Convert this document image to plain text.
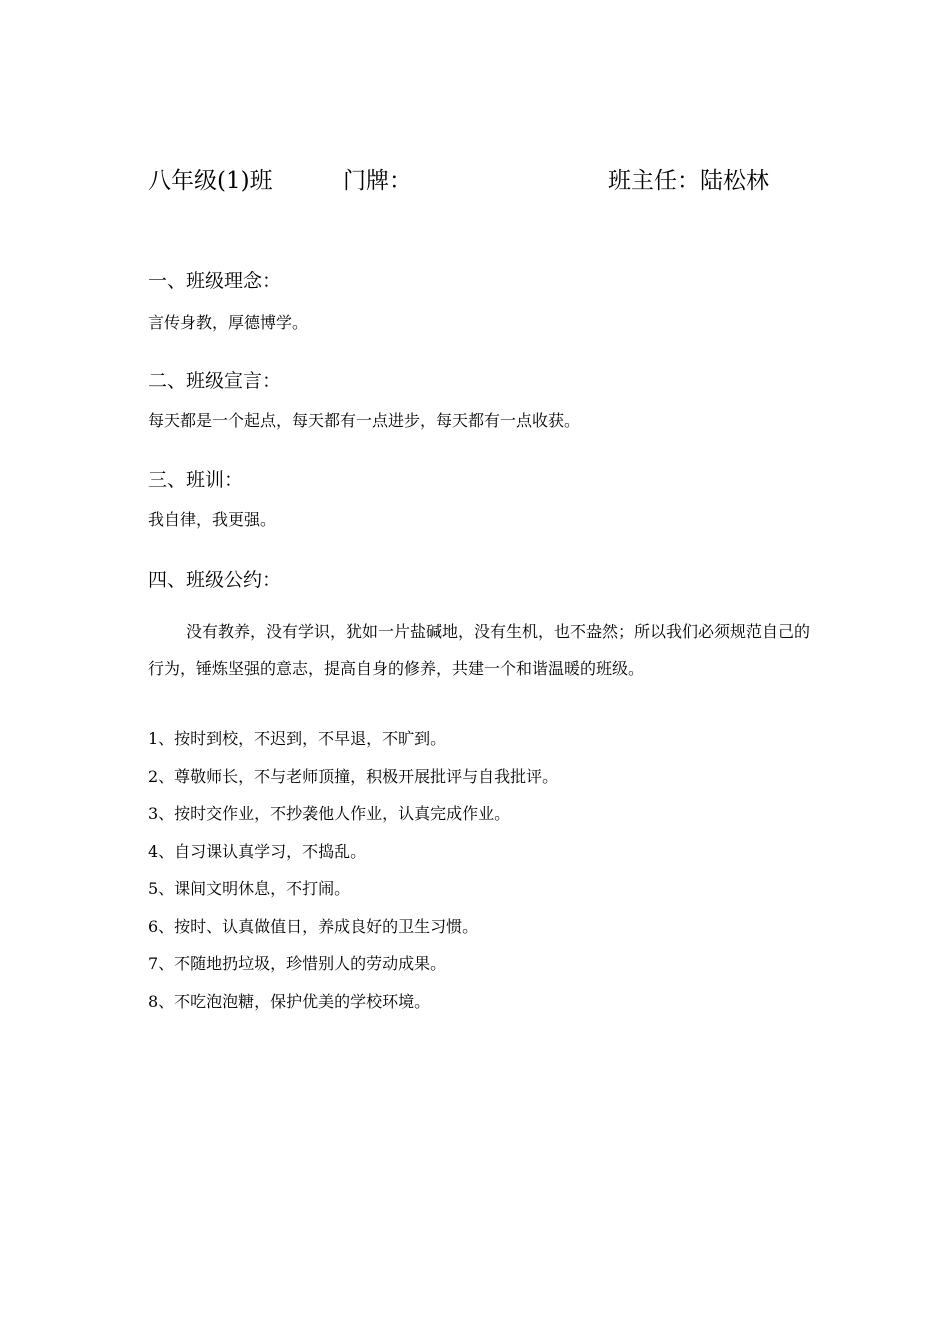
八年级(1)班	门牌：	班主任：陆松林
一、班级理念：
言传身教，厚德博学。
二、班级宣言：
每天都是一个起点，每天都有一点进步，每天都有一点收获。
三、班训：
我自律，我更强。
四、班级公约：
没有教养，没有学识，犹如一片盐碱地，没有生机，也不盎然；所以我们必须规范自己的行为，锤炼坚强的意志，提高自身的修养，共建一个和谐温暖的班级。
1、按时到校，不迟到，不早退，不旷到。
2、尊敬师长，不与老师顶撞，积极开展批评与自我批评。
3、按时交作业，不抄袭他人作业，认真完成作业。
4、自习课认真学习，不捣乱。
5、课间文明休息，不打闹。
6、按时、认真做值日，养成良好的卫生习惯。
7、不随地扔垃圾，珍惜别人的劳动成果。
8、不吃泡泡糖，保护优美的学校环境。
